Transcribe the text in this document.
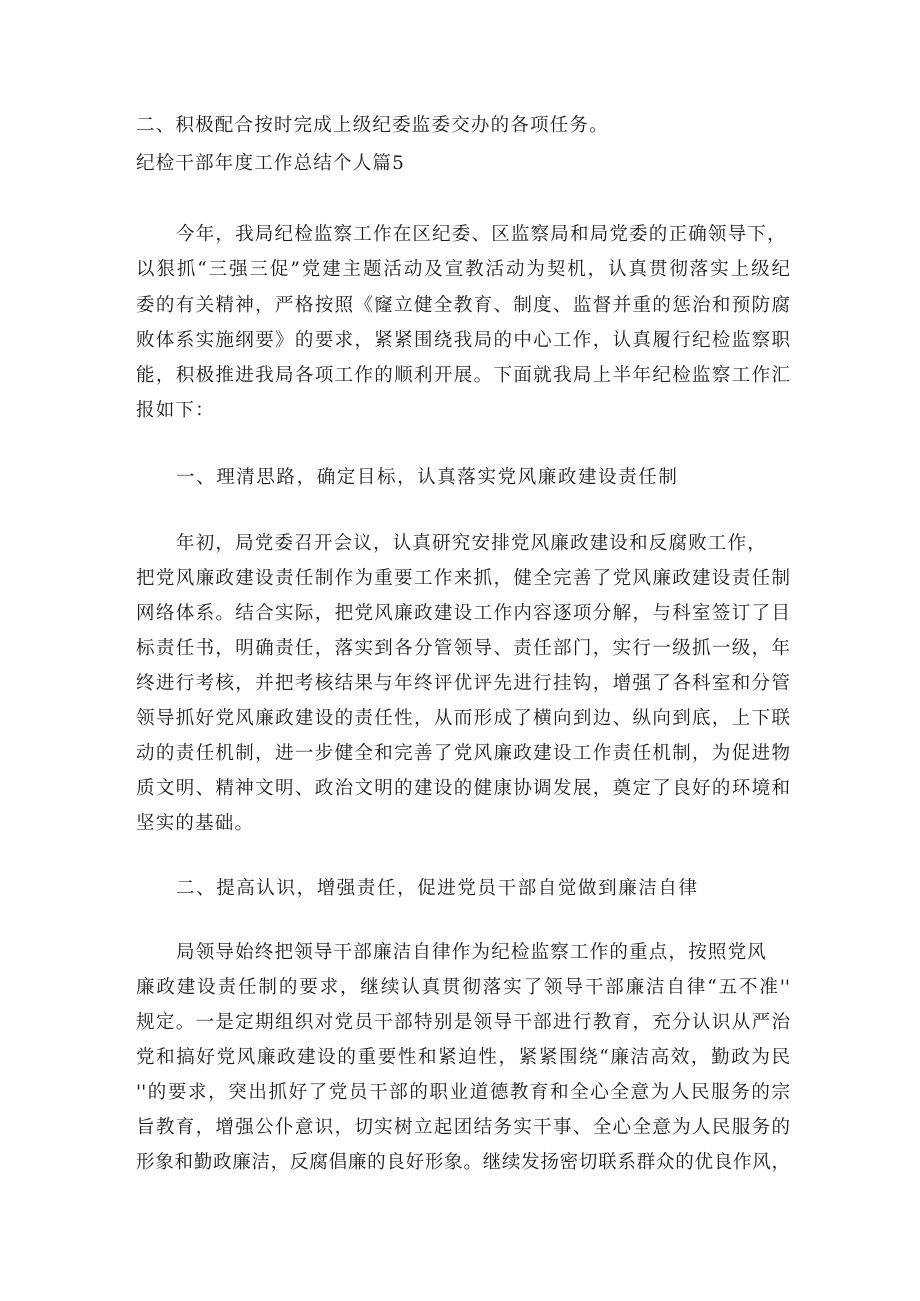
二、积极配合按时完成上级纪委监委交办的各项任务。
纪检干部年度工作总结个人篇5
今年，我局纪检监察工作在区纪委、区监察局和局党委的正确领导下，
以狠抓“三强三促”党建主题活动及宣教活动为契机，认真贯彻落实上级纪
委的有关精神，严格按照《窿立健全教育、制度、监督并重的惩治和预防腐
败体系实施纲要》的要求，紧紧围绕我局的中心工作，认真履行纪检监察职
能，积极推进我局各项工作的顺利开展。下面就我局上半年纪检监察工作汇
报如下：
一、理清思路，确定目标，认真落实党风廉政建设责任制
年初，局党委召开会议，认真研究安排党风廉政建设和反腐败工作，
把党风廉政建设责任制作为重要工作来抓，健全完善了党风廉政建设责任制
网络体系。结合实际，把党风廉政建设工作内容逐项分解，与科室签订了目
标责任书，明确责任，落实到各分管领导、责任部门，实行一级抓一级，年
终进行考核，并把考核结果与年终评优评先进行挂钩，增强了各科室和分管
领导抓好党风廉政建设的责任性，从而形成了横向到边、纵向到底，上下联
动的责任机制，进一步健全和完善了党风廉政建设工作责任机制，为促进物
质文明、精神文明、政治文明的建设的健康协调发展，奠定了良好的环境和
坚实的基础。
二、提高认识，增强责任，促进党员干部自觉做到廉洁自律
局领导始终把领导干部廉洁自律作为纪检监察工作的重点，按照党风
廉政建设责任制的要求，继续认真贯彻落实了领导干部廉洁自律“五不准''
规定。一是定期组织对党员干部特别是领导干部进行教育，充分认识从严治
党和搞好党风廉政建设的重要性和紧迫性，紧紧围绕“廉洁高效，勤政为民
''的要求，突出抓好了党员干部的职业道德教育和全心全意为人民服务的宗
旨教育，增强公仆意识，切实树立起团结务实干事、全心全意为人民服务的
形象和勤政廉洁，反腐倡廉的良好形象。继续发扬密切联系群众的优良作风，
